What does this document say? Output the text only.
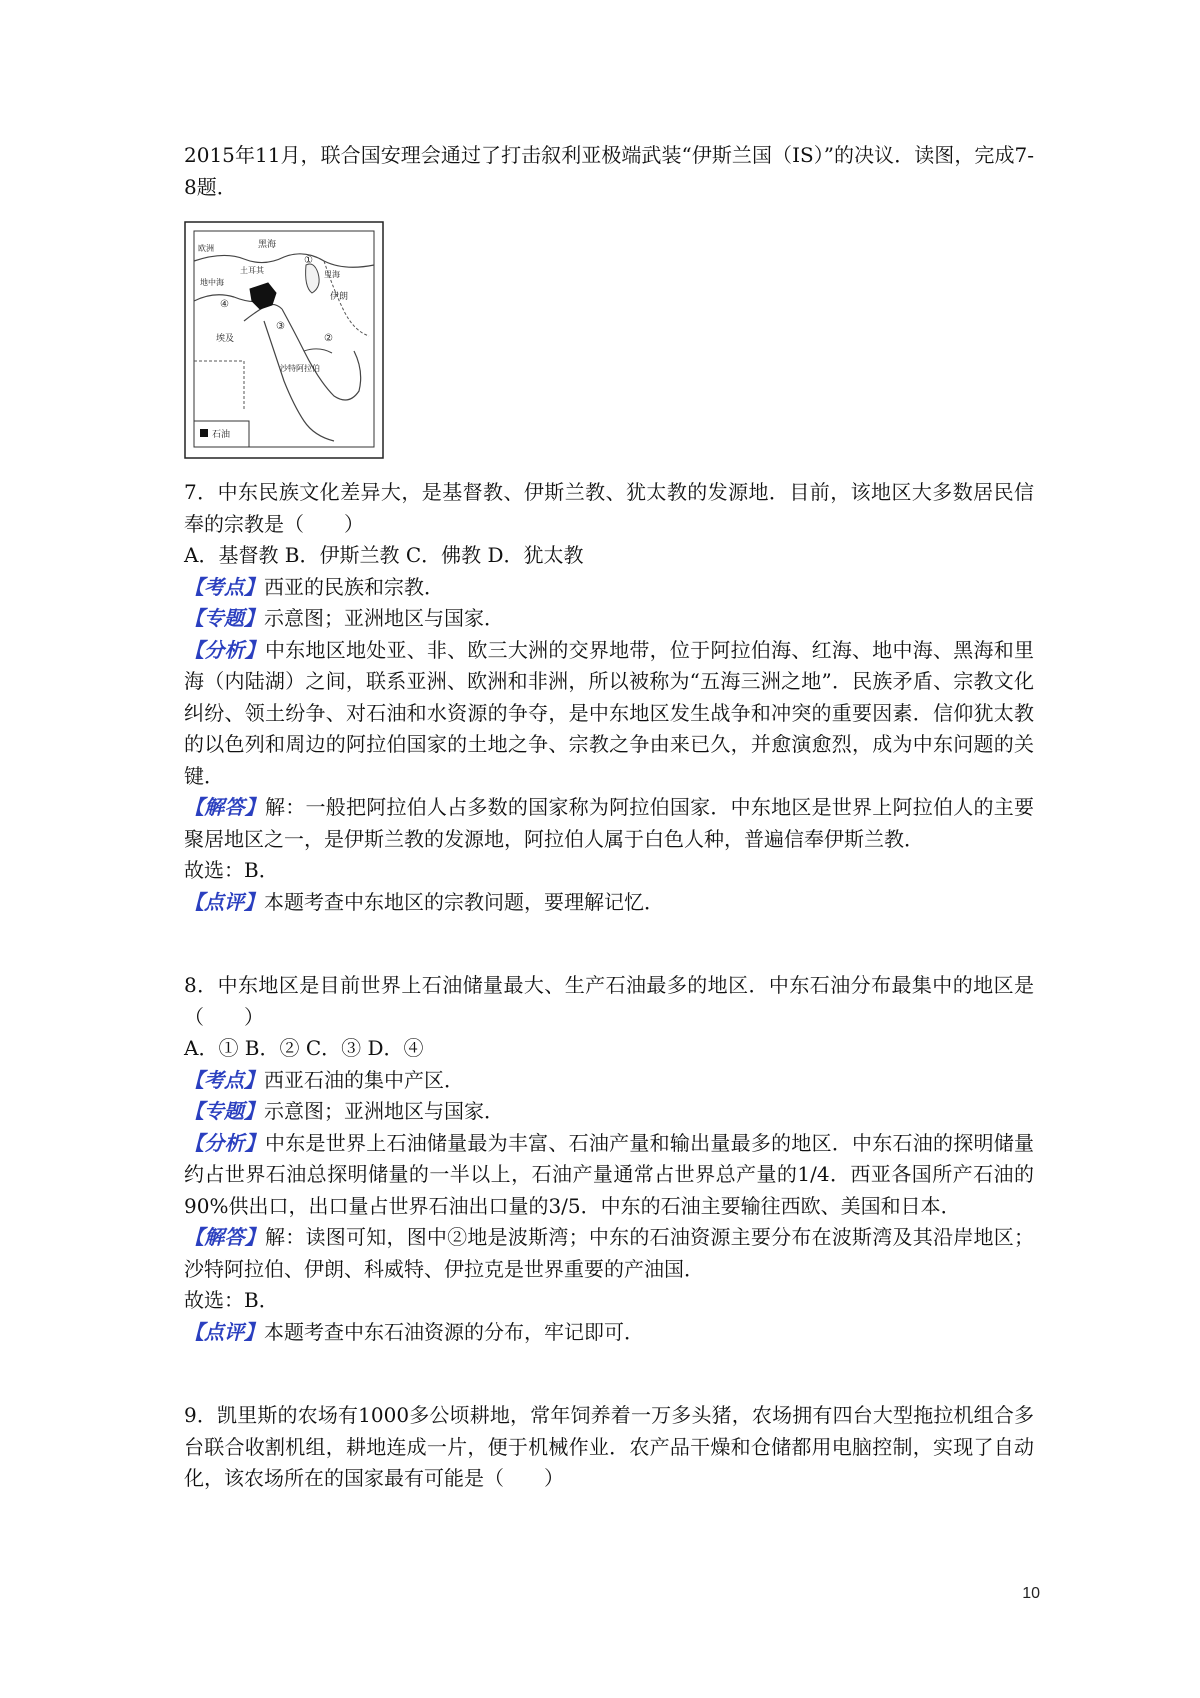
2015年11月，联合国安理会通过了打击叙利亚极端武装“伊斯兰国（IS）”的决议．读图，完成7-8题．

石油
欧洲	黑海
土耳其
地中海
里海
伊朗
埃及
沙特阿拉伯
④
①
②
③

7．中东民族文化差异大，是基督教、伊斯兰教、犹太教的发源地．目前，该地区大多数居民信奉的宗教是（　　）

A．基督教 B．伊斯兰教 C．佛教 D．犹太教

【考点】西亚的民族和宗教．

【专题】示意图；亚洲地区与国家．

【分析】中东地区地处亚、非、欧三大洲的交界地带，位于阿拉伯海、红海、地中海、黑海和里海（内陆湖）之间，联系亚洲、欧洲和非洲，所以被称为“五海三洲之地”．民族矛盾、宗教文化纠纷、领土纷争、对石油和水资源的争夺，是中东地区发生战争和冲突的重要因素．信仰犹太教的以色列和周边的阿拉伯国家的土地之争、宗教之争由来已久，并愈演愈烈，成为中东问题的关键．

【解答】解：一般把阿拉伯人占多数的国家称为阿拉伯国家．中东地区是世界上阿拉伯人的主要聚居地区之一，是伊斯兰教的发源地，阿拉伯人属于白色人种，普遍信奉伊斯兰教．

故选：B．

【点评】本题考查中东地区的宗教问题，要理解记忆．

8．中东地区是目前世界上石油储量最大、生产石油最多的地区．中东石油分布最集中的地区是（　　）

A．① B．② C．③ D．④

【考点】西亚石油的集中产区．

【专题】示意图；亚洲地区与国家．

【分析】中东是世界上石油储量最为丰富、石油产量和输出量最多的地区．中东石油的探明储量约占世界石油总探明储量的一半以上，石油产量通常占世界总产量的1/4．西亚各国所产石油的90%供出口，出口量占世界石油出口量的3/5．中东的石油主要输往西欧、美国和日本．

【解答】解：读图可知，图中②地是波斯湾；中东的石油资源主要分布在波斯湾及其沿岸地区；沙特阿拉伯、伊朗、科威特、伊拉克是世界重要的产油国．

故选：B．

【点评】本题考查中东石油资源的分布，牢记即可．

9．凯里斯的农场有1000多公顷耕地，常年饲养着一万多头猪，农场拥有四台大型拖拉机组合多台联合收割机组，耕地连成一片，便于机械作业．农产品干燥和仓储都用电脑控制，实现了自动化，该农场所在的国家最有可能是（　　）

10
